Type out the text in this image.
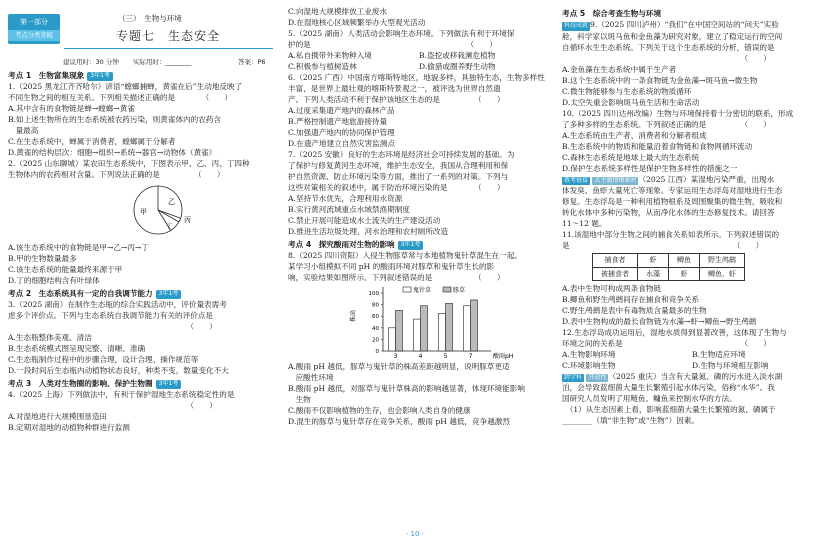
第一部分
考点分类突破
（三）　生物与环境
专题七　生态安全
建议用时：30 分钟 实际用时：________
考点 1　生物富集现象 3年1考
1.（2025 黑龙江齐齐哈尔）谚语“螳螂捕蝉，黄雀在后”生动地反映了
不同生物之间的相互关系。下列相关描述正确的是　　　　（　　）
A.其中含有的食物链是蝉→螳螂→黄雀
B.如上述生物所在的生态系统被农药污染，则黄雀体内的农药含
　量最高
C.在生态系统中，蝉属于消费者，螳螂属于分解者
D.黄雀的结构层次：细胞→组织→系统→器官→动物体（黄雀）
2.（2025 山东聊城）某农田生态系统中，下图表示甲、乙、丙、丁四种
生物体内的农药相对含量。下列说法正确的是　　　　　（　　）
甲
乙
丙
丁
A.该生态系统中的食物链是甲→乙→丙→丁
B.甲的生物数量最多
C.该生态系统的能量最终来源于甲
D.丁的细胞结构含有叶绿体
考点 2　生态系统具有一定的自我调节能力 3年1考
3.（2025 湖南）在制作生态瓶的综合实践活动中，评价量表需考
虑多个评价点。下列与生态系统自我调节能力有关的评价点是
　　　　　　　　　　　　　　　　　　　　　　　　（　　）
A.生态瓶整体美观、清洁
B.生态系统模式图呈现完整、清晰、准确
C.生态瓶制作过程中的步骤合理，设计合理、操作规范等
D.一段时间后生态瓶内动植物状态良好，种类不变，数量变化不大
考点 3　人类对生物圈的影响、保护生物圈 3年1考
4.（2025 上海）下列做法中，有利于保护湿地生态系统稳定性的是
　　　　　　　　　　　　　　　　　　　　　　　　（　　）
A.对湿地进行大规模围垦造田
B.定期对湿地的动植物种群进行监测
C.向湿地大规模排放工业废水
D.在湿地核心区域频繁举办大型观光活动
5.（2025 湖南）人类活动会影响生态环境。下列做法有利于环境保
护的是　　　　　　　　　　　　　　　　　　　　　（　　）
A.私自携带外来物种入境	B.盗挖或移栽濒危植物
C.积极参与植树造林	D.偷猎或圈养野生动物
6.（2025 广西）中国南方喀斯特地区，地貌多样，具独特生态，生物多样性
丰富，是世界上最壮观的喀斯特景观之一，被评选为世界自然遗
产。下列人类活动不利于保护该地区生态的是　　　　　（　　）
A.过度采集遗产地内的森林产品
B.严格控制遗产地旅游接待量
C.加强遗产地内的协同保护管理
D.在遗产地建立自然灾害监测点
7.（2025 安徽）良好的生态环境是经济社会可持续发展的基础。为
了保护与修复黄河生态环境，维护生态安全，我国从合理利用和保
护自然资源、防止环境污染等方面，推出了一系列的对策。下列与
这些对策相关的叙述中，属于防治环境污染的是　　　　（　　）
A.坚持节水优先，合理利用水资源
B.实行黄河流域重点水域禁渔期制度
C.禁止开展可能造成水土流失的生产建设活动
D.推进生活垃圾处理、河水治理和农村厕所改造
考点 4　探究酸雨对生物的影响 3年1考
8.（2025 四川资阳）入侵生物豚草常与本地植物鬼针草混生在一起。
某学习小组模拟不同 pH 的酸雨环境对豚草和鬼针草生长的影
响，实验结果如图所示。下列叙述错误的是　　　　　　（　　）
株高
0
20
40
60
80
100
3	4	5	7	酸雨pH
鬼针草	豚草
A.酸雨 pH 越低，豚草与鬼针草的株高差距越明显，说明豚草更适
　应酸性环境
B.酸雨 pH 越低，对豚草与鬼针草株高的影响越显著，体现环境能影响
　生物
C.酸雨不仅影响植物的生存，也会影响人类自身的健康
D.混生的豚草与鬼针草存在竞争关系，酸雨 pH 越低，竞争越激烈
考点 5　综合考查生物与环境
科技成就 9.（2025 四川泸州）“我们”在中国空间站的“问天”实验
舱，科学家以斑马鱼和金鱼藻为研究对象，建立了稳定运行的空间
自循环水生生态系统。下列关于这个生态系统的分析，错误的是
　　　　　　　　　　　　　　　　　　　　　　　　（　　）
A.金鱼藻在生态系统中属于生产者
B.这个生态系统中的一条食物链为金鱼藻→斑马鱼→微生物
C.微生物能够参与生态系统的物质循环
D.太空失重会影响斑马鱼生活和生命活动
10.（2025 四川达州改编）生物与环境保持着十分密切的联系，形成
了多种多样的生态系统。下列叙述正确的是　　　　　（　　）
A.生态系统由生产者、消费者和分解者组成
B.生态系统中的物质和能量沿着食物链和食物网循环流动
C.森林生态系统是地球上最大的生态系统
D.保护生态系统多样性是保护生物多样性的措施之一
教考链接 大主题情境素材 （2025 江西）某湿地污染严重，出现水
体发臭、鱼虾大量死亡等现象。专家运用生态浮岛对湿地进行生态
修复。生态浮岛是一种利用植物根系及周围聚集的微生物，吸收和
转化水体中多种污染物，从而净化水体的生态修复技术。请回答
11～12 题。
11.该湿地中部分生物之间的捕食关系如表所示。下列叙述错误的
是　　　　　　　　　　　　　　　　　　　　　　（　　）
捕食者	虾	鲫鱼	野生鸬鹚
被捕食者	水藻	虾	鲫鱼、虾
A.表中生物可构成两条食物链
B.鲫鱼和野生鸬鹚间存在捕食和竞争关系
C.野生鸬鹚是表中有毒物质含量最多的生物
D.表中生物构成的最长食物链为水藻→虾→鲫鱼→野生鸬鹚
12.生态浮岛成功运用后，湿地水质得到显著改善，这体现了生物与
环境之间的关系是　　　　　　　　　　　　　　　　（　　）
A.生物影响环境	B.生物适应环境
C.环境影响生物	D.生物与环境相互影响
跨学科 开放性 （2025 重庆）当含有大量氮、磷的污水进入淡水湖
泊，会导致蓝细菌大量生长繁殖引起水体污染，俗称“水华”。我
国研究人员发明了用鲢鱼、鳙鱼来控制水华的方法。
　（1）从生态因素上看，影响蓝细菌大量生长繁殖的氮、磷属于
________（填“非生物”或“生物”）因素。
答案：P6
· 10 ·
